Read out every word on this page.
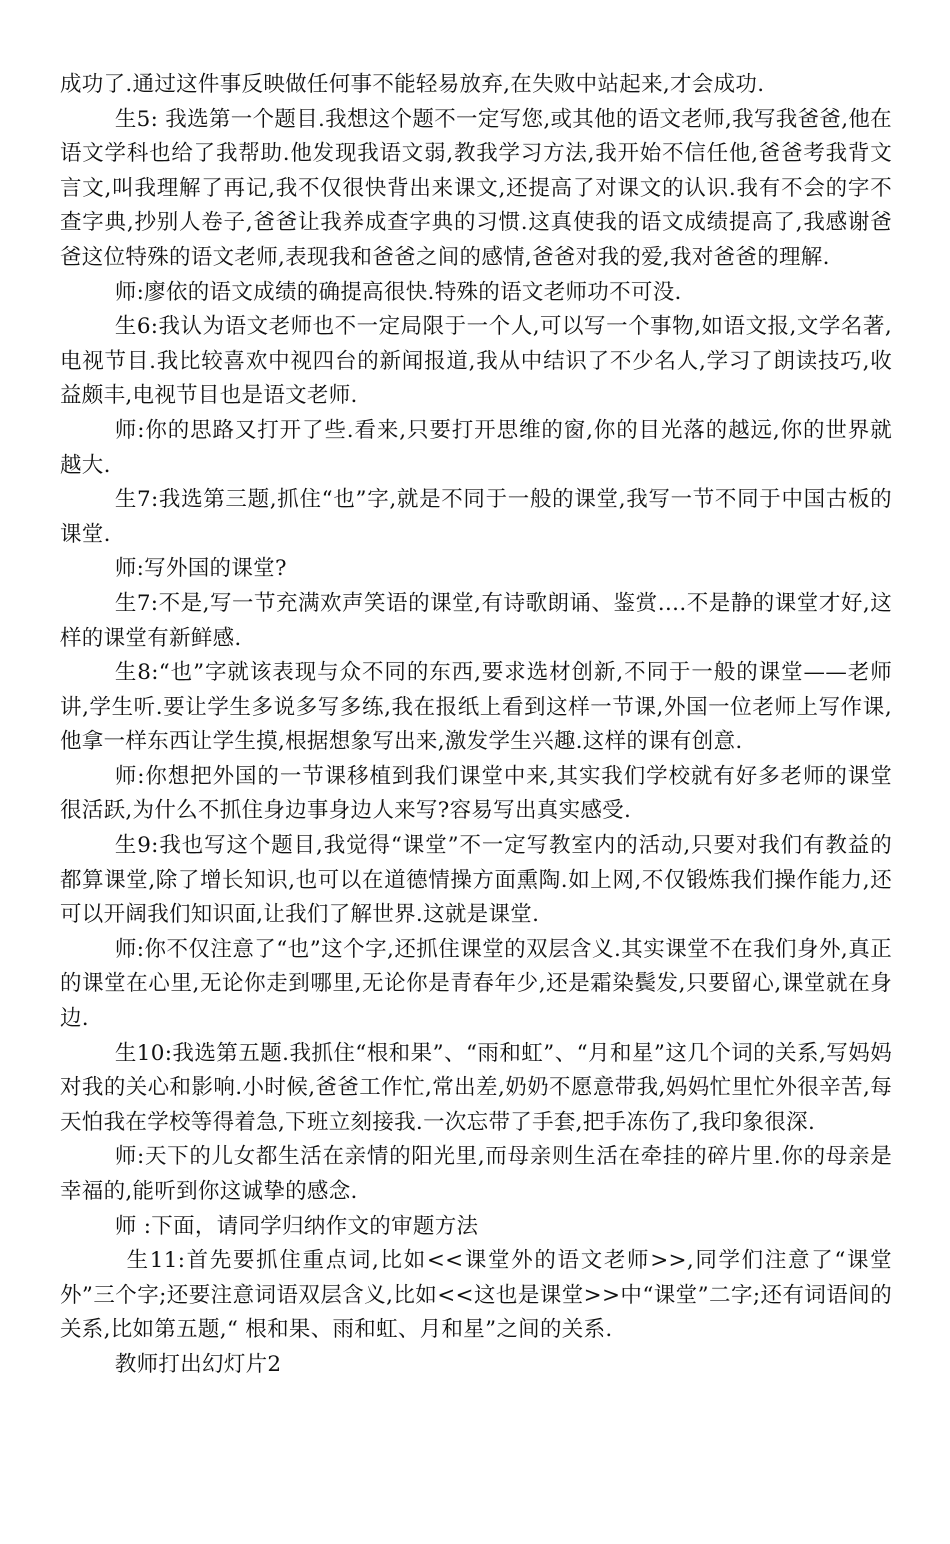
成功了.通过这件事反映做任何事不能轻易放弃,在失败中站起来,才会成功.

生5: 我选第一个题目.我想这个题不一定写您,或其他的语文老师,我写我爸爸,他在语文学科也给了我帮助.他发现我语文弱,教我学习方法,我开始不信任他,爸爸考我背文言文,叫我理解了再记,我不仅很快背出来课文,还提高了对课文的认识.我有不会的字不查字典,抄别人卷子,爸爸让我养成查字典的习惯.这真使我的语文成绩提高了,我感谢爸爸这位特殊的语文老师,表现我和爸爸之间的感情,爸爸对我的爱,我对爸爸的理解.

师:廖依的语文成绩的确提高很快.特殊的语文老师功不可没.

生6:我认为语文老师也不一定局限于一个人,可以写一个事物,如语文报,文学名著,电视节目.我比较喜欢中视四台的新闻报道,我从中结识了不少名人,学习了朗读技巧,收益颇丰,电视节目也是语文老师.

师:你的思路又打开了些.看来,只要打开思维的窗,你的目光落的越远,你的世界就越大.

生7:我选第三题,抓住“也”字,就是不同于一般的课堂,我写一节不同于中国古板的课堂.

师:写外国的课堂?

生7:不是,写一节充满欢声笑语的课堂,有诗歌朗诵、鉴赏….不是静的课堂才好,这样的课堂有新鲜感.

生8:“也”字就该表现与众不同的东西,要求选材创新,不同于一般的课堂——老师讲,学生听.要让学生多说多写多练,我在报纸上看到这样一节课,外国一位老师上写作课,他拿一样东西让学生摸,根据想象写出来,激发学生兴趣.这样的课有创意.

师:你想把外国的一节课移植到我们课堂中来,其实我们学校就有好多老师的课堂很活跃,为什么不抓住身边事身边人来写?容易写出真实感受.

生9:我也写这个题目,我觉得“课堂”不一定写教室内的活动,只要对我们有教益的都算课堂,除了增长知识,也可以在道德情操方面熏陶.如上网,不仅锻炼我们操作能力,还可以开阔我们知识面,让我们了解世界.这就是课堂.

师:你不仅注意了“也”这个字,还抓住课堂的双层含义.其实课堂不在我们身外,真正的课堂在心里,无论你走到哪里,无论你是青春年少,还是霜染鬓发,只要留心,课堂就在身边.

生10:我选第五题.我抓住“根和果”、“雨和虹”、“月和星”这几个词的关系,写妈妈对我的关心和影响.小时候,爸爸工作忙,常出差,奶奶不愿意带我,妈妈忙里忙外很辛苦,每天怕我在学校等得着急,下班立刻接我.一次忘带了手套,把手冻伤了,我印象很深.

师:天下的儿女都生活在亲情的阳光里,而母亲则生活在牵挂的碎片里.你的母亲是幸福的,能听到你这诚挚的感念.

师 :下面，请同学归纳作文的审题方法

生11:首先要抓住重点词,比如<<课堂外的语文老师>>,同学们注意了“课堂外”三个字;还要注意词语双层含义,比如<<这也是课堂>>中“课堂”二字;还有词语间的关系,比如第五题,“ 根和果、雨和虹、月和星”之间的关系.

教师打出幻灯片2
